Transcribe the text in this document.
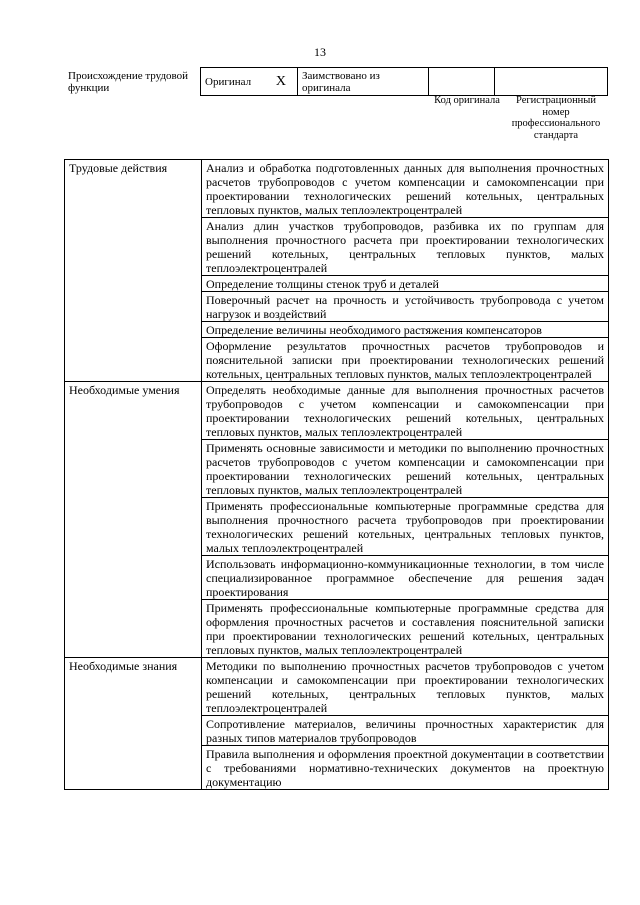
13
Происхождение трудовой функции
Оригинал X	Заимствовано из оригинала		
Код оригинала	Регистрационный номер профессионального стандарта
Трудовые действия	Анализ и обработка подготовленных данных для выполнения прочностных расчетов трубопроводов с учетом компенсации и самокомпенсации при проектировании технологических решений котельных, центральных тепловых пунктов, малых теплоэлектроцентралей
	Анализ длин участков трубопроводов, разбивка их по группам для выполнения прочностного расчета при проектировании технологических решений котельных, центральных тепловых пунктов, малых теплоэлектроцентралей
	Определение толщины стенок труб и деталей
	Поверочный расчет на прочность и устойчивость трубопровода с учетом нагрузок и воздействий
	Определение величины необходимого растяжения компенсаторов
	Оформление результатов прочностных расчетов трубопроводов и пояснительной записки при проектировании технологических решений котельных, центральных тепловых пунктов, малых теплоэлектроцентралей
Необходимые умения	Определять необходимые данные для выполнения прочностных расчетов трубопроводов с учетом компенсации и самокомпенсации при проектировании технологических решений котельных, центральных тепловых пунктов, малых теплоэлектроцентралей
	Применять основные зависимости и методики по выполнению прочностных расчетов трубопроводов с учетом компенсации и самокомпенсации при проектировании технологических решений котельных, центральных тепловых пунктов, малых теплоэлектроцентралей
	Применять профессиональные компьютерные программные средства для выполнения прочностного расчета трубопроводов при проектировании технологических решений котельных, центральных тепловых пунктов, малых теплоэлектроцентралей
	Использовать информационно-коммуникационные технологии, в том числе специализированное программное обеспечение для решения задач проектирования
	Применять профессиональные компьютерные программные средства для оформления прочностных расчетов и составления пояснительной записки при проектировании технологических решений котельных, центральных тепловых пунктов, малых теплоэлектроцентралей
Необходимые знания	Методики по выполнению прочностных расчетов трубопроводов с учетом компенсации и самокомпенсации при проектировании технологических решений котельных, центральных тепловых пунктов, малых теплоэлектроцентралей
	Сопротивление материалов, величины прочностных характеристик для разных типов материалов трубопроводов
	Правила выполнения и оформления проектной документации в соответствии с требованиями нормативно-технических документов на проектную документацию
